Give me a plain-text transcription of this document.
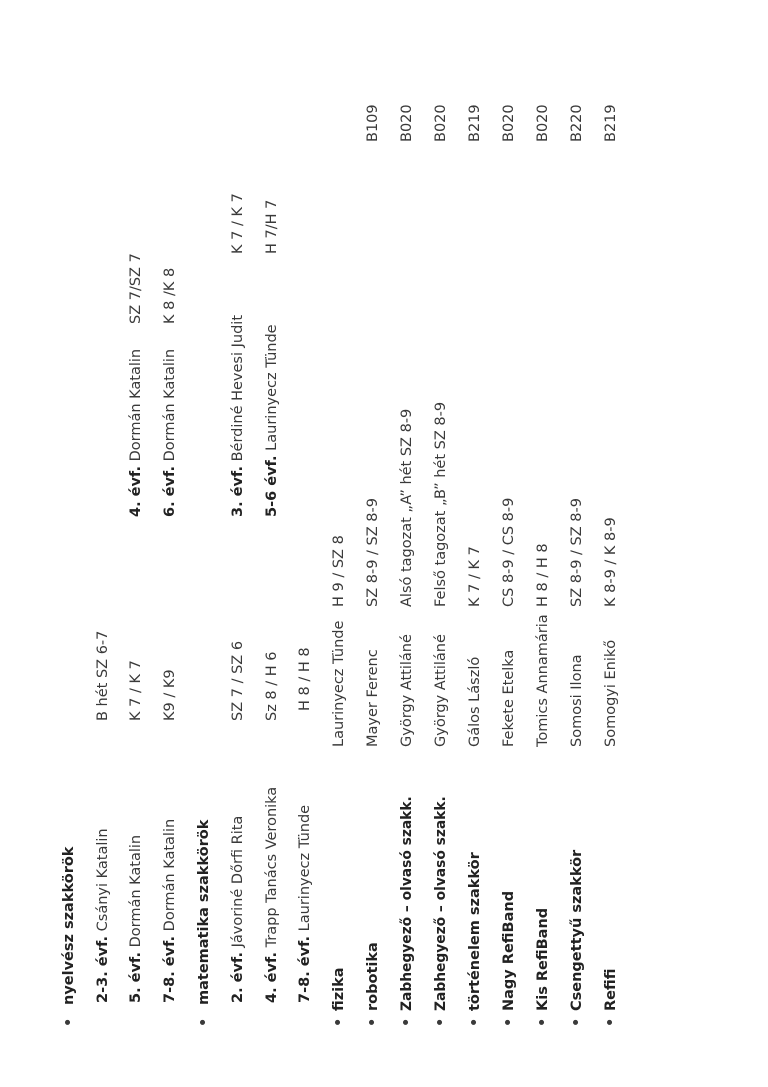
•
nyelvész szakkörök	2-3. évf. Csányi Katalin
B hét SZ 6-7
5. évf. Dormán Katalin
K 7 / K 7
4. évf. Dormán Katalin
SZ 7/SZ 7
7-8. évf. Dormán Katalin
K9 / K9
6. évf. Dormán Katalin
K 8 /K 8
•
matematika szakkörök	2. évf. Jávoriné Dőrfi Rita
SZ 7 / SZ 6
3. évf. Bérdiné Hevesi Judit
K 7 / K 7
4. évf. Trapp Tanács Veronika
Sz 8 / H 6
5-6 évf. Laurinyecz Tünde
H 7/H 7
7-8. évf. Laurinyecz Tünde
H 8 / H 8
•
fizika
Laurinyecz Tünde
H 9 / SZ 8
•
robotika
Mayer Ferenc
SZ 8-9 / SZ 8-9
B109
•
Zabhegyező – olvasó szakk.
György Attiláné
Alsó tagozat „A” hét SZ 8-9
B020
•
Zabhegyező – olvasó szakk.
György Attiláné
Felső tagozat „B” hét SZ 8-9
B020
•
történelem szakkör
Gálos László
K 7 / K 7
B219
•
Nagy RefiBand
Fekete Etelka
CS 8-9 / CS 8-9
B020
•
Kis RefiBand
Tomics Annamária
H 8 / H 8
B020
•
Csengettyű szakkör
Somosi Ilona
SZ 8-9 / SZ 8-9
B220
•
Refifi
Somogyi Enikő
K 8-9 / K 8-9
B219
